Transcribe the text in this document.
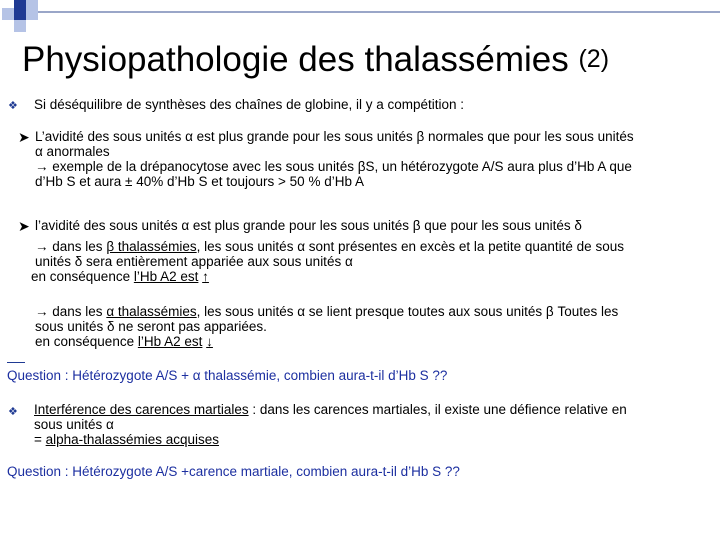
Physiopathologie des thalassémies (2)
❖ Si déséquilibre de synthèses des chaînes de globine, il y a compétition :
➤ L’avidité des sous unités α est plus grande pour les sous unités β normales que pour les sous unités
α anormales
→ exemple de la drépanocytose avec les sous unités βS, un hétérozygote A/S aura plus d’Hb A que
d’Hb S et aura ± 40% d’Hb S et toujours > 50 % d’Hb A
➤ l’avidité des sous unités α est plus grande pour les sous unités β que pour les sous unités δ
→ dans les β thalassémies, les sous unités α sont présentes en excès et la petite quantité de sous
unités δ sera entièrement appariée aux sous unités α
en conséquence l’Hb A2 est ↑
→ dans les α thalassémies, les sous unités α se lient presque toutes aux sous unités β Toutes les
sous unités δ ne seront pas appariées.
en conséquence l’Hb A2 est ↓
Question : Hétérozygote A/S + α thalassémie, combien aura-t-il d’Hb S ??
❖ Interférence des carences martiales : dans les carences martiales, il existe une défience relative en
sous unités α
= alpha-thalassémies acquises
Question : Hétérozygote A/S +carence martiale, combien aura-t-il d’Hb S ??
